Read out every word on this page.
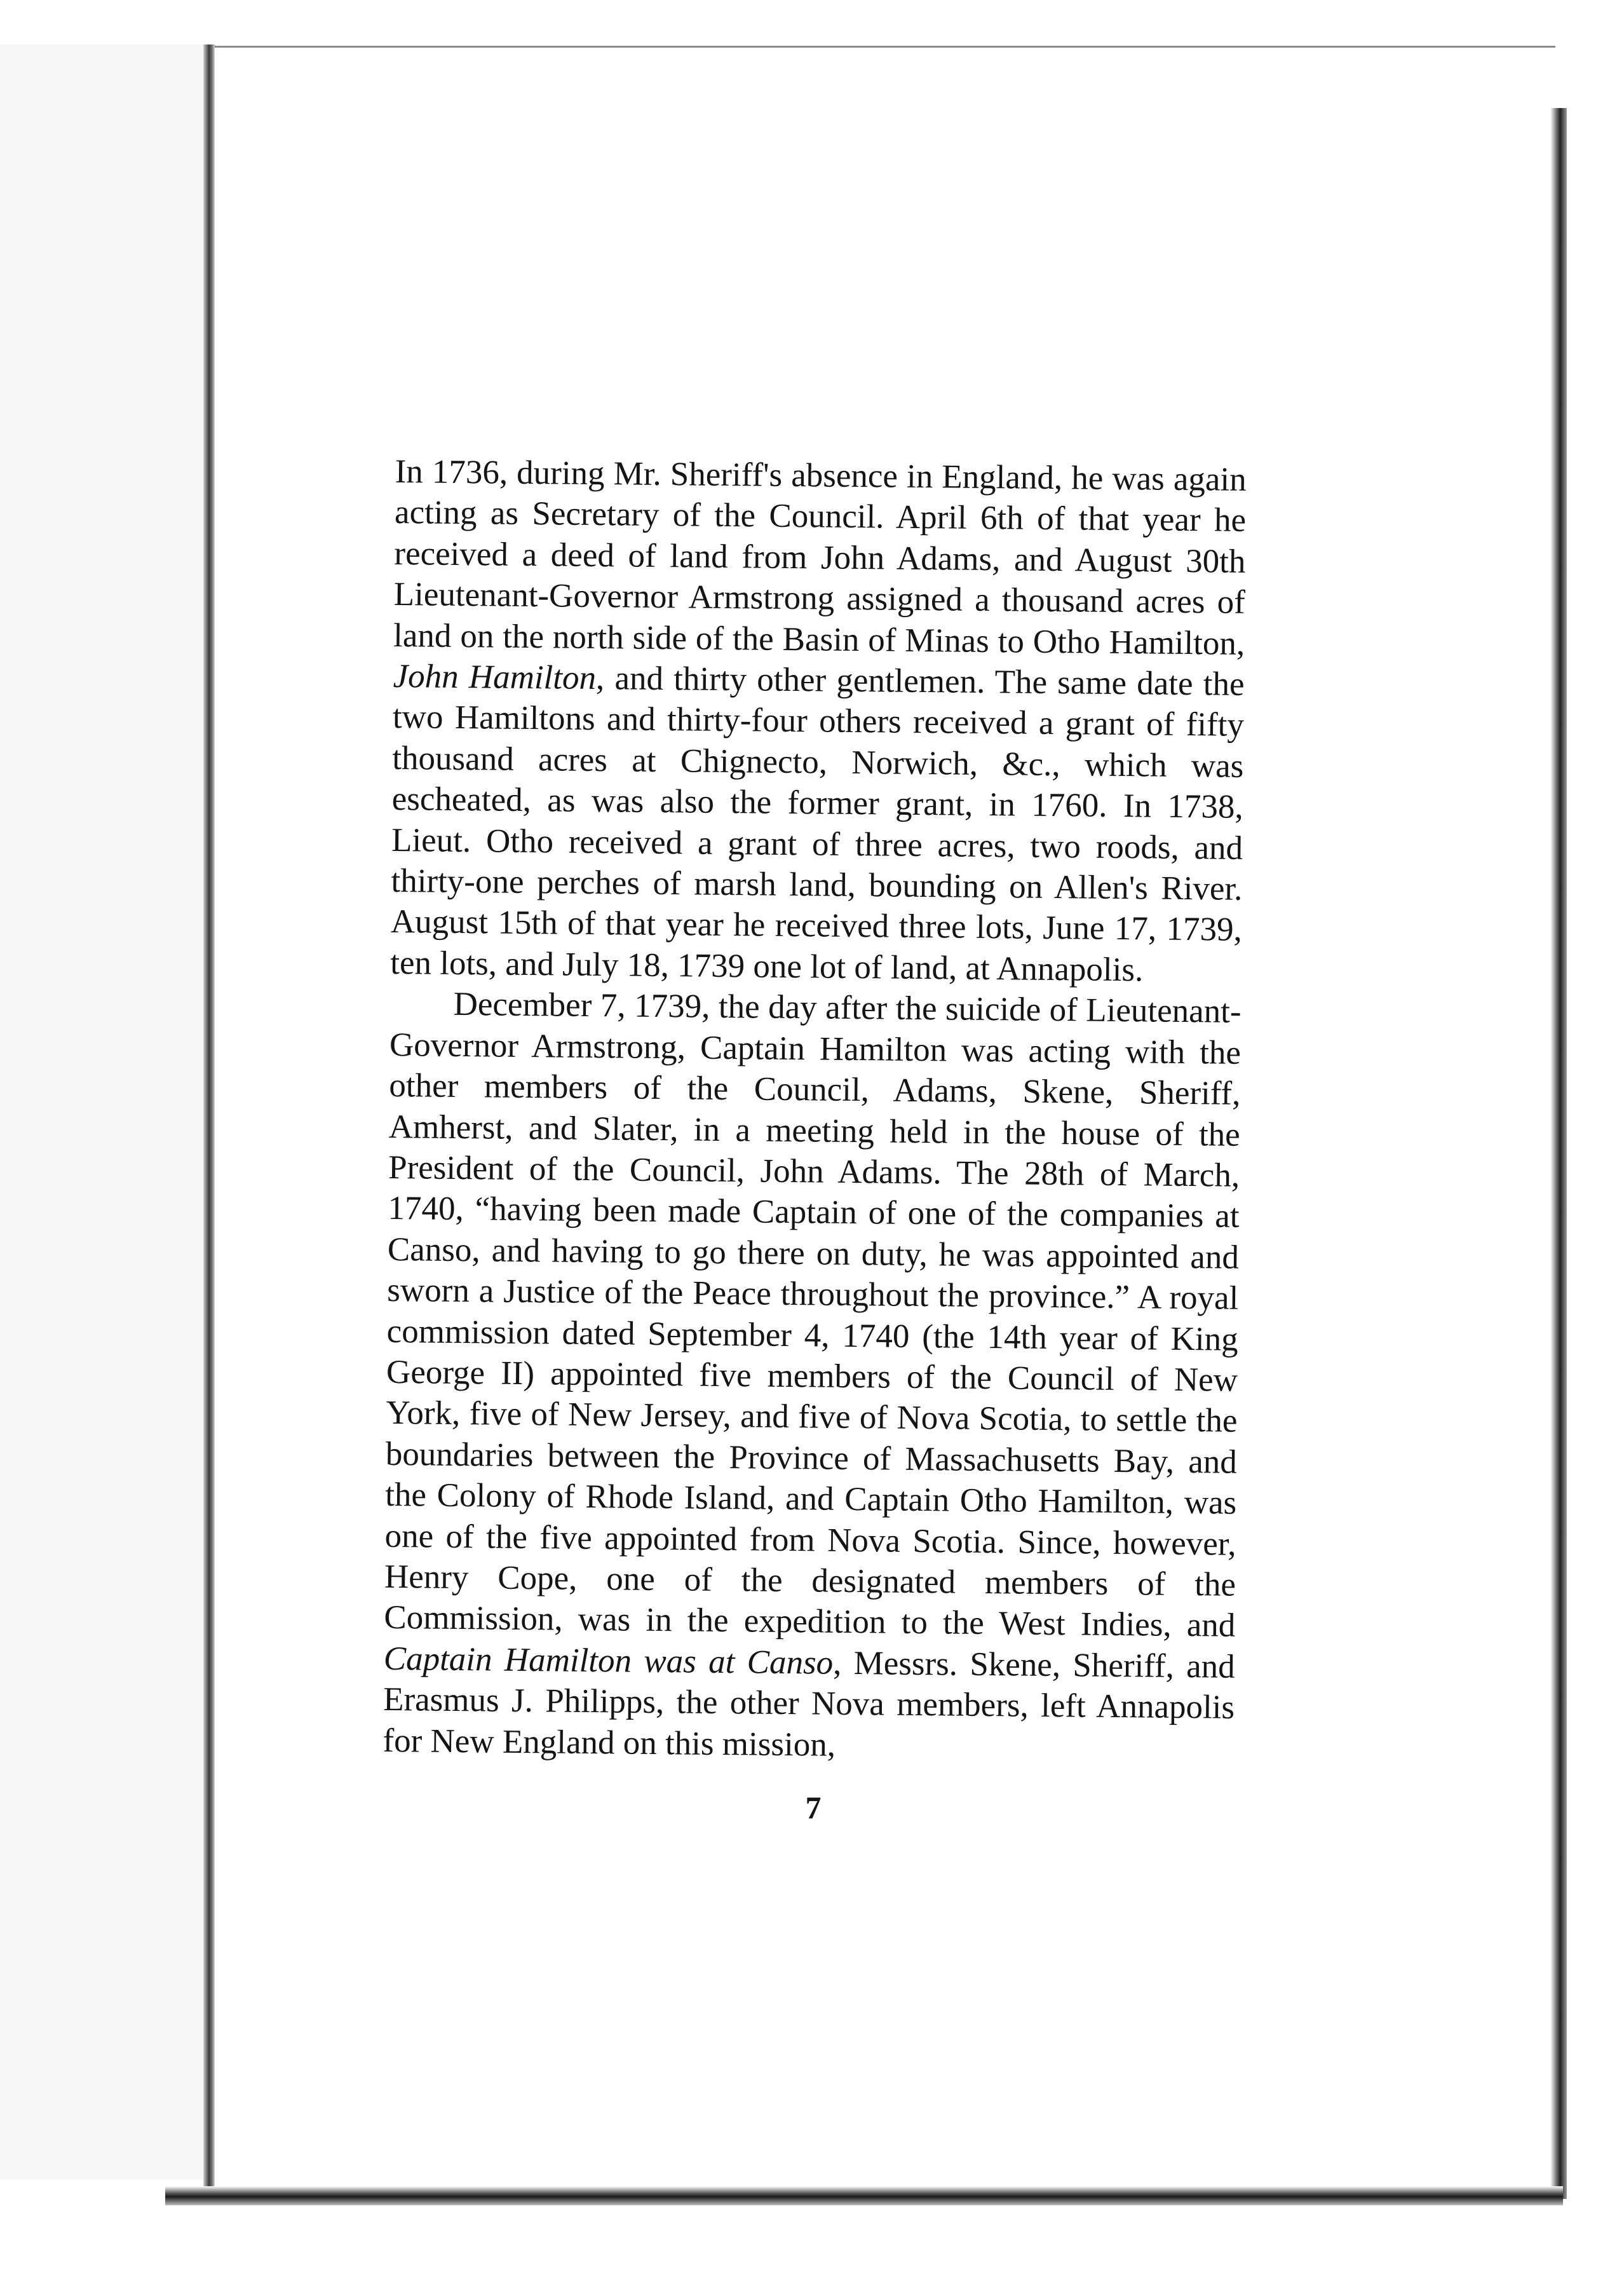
In 1736, during Mr. Sheriff's absence in England, he was again acting as Secretary of the Council. April 6th of that year he received a deed of land from John Adams, and August 30th Lieutenant-Governor Armstrong assigned a thousand acres of land on the north side of the Basin of Minas to Otho Hamilton, John Hamilton, and thirty other gentlemen. The same date the two Hamiltons and thirty-four others received a grant of fifty thousand acres at Chignecto, Norwich, &c., which was escheated, as was also the former grant, in 1760. In 1738, Lieut. Otho received a grant of three acres, two roods, and thirty-one perches of marsh land, bounding on Allen's River. August 15th of that year he received three lots, June 17, 1739, ten lots, and July 18, 1739 one lot of land, at Annapolis.

December 7, 1739, the day after the suicide of Lieutenant-Governor Armstrong, Captain Hamilton was acting with the other members of the Council, Adams, Skene, Sheriff, Amherst, and Slater, in a meeting held in the house of the President of the Council, John Adams. The 28th of March, 1740, “having been made Captain of one of the companies at Canso, and having to go there on duty, he was appointed and sworn a Justice of the Peace throughout the province.” A royal commission dated September 4, 1740 (the 14th year of King George II) appointed five members of the Council of New York, five of New Jersey, and five of Nova Scotia, to settle the boundaries between the Province of Massachusetts Bay, and the Colony of Rhode Island, and Captain Otho Hamilton, was one of the five appointed from Nova Scotia. Since, however, Henry Cope, one of the designated members of the Commission, was in the expedition to the West Indies, and Captain Hamilton was at Canso, Messrs. Skene, Sheriff, and Erasmus J. Philipps, the other Nova members, left Annapolis for New England on this mission,

7
